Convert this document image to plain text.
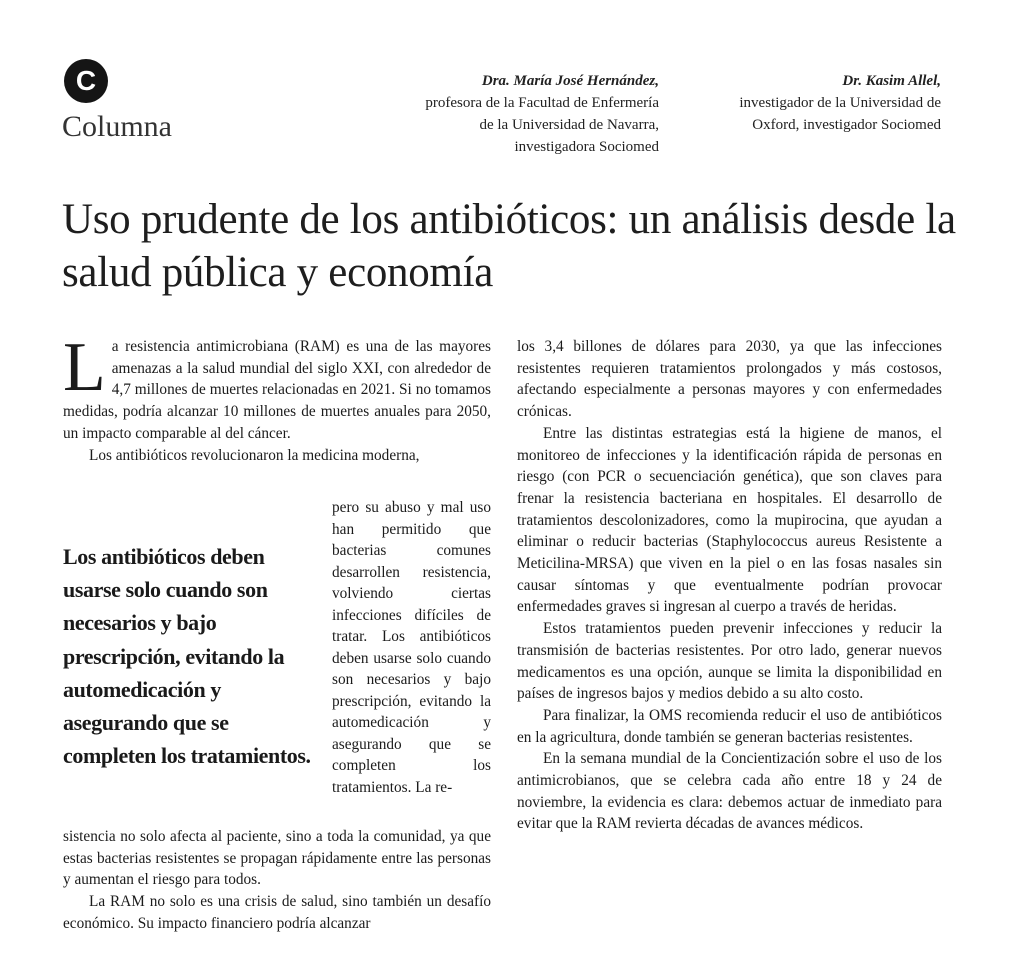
C
Columna
Dra. María José Hernández,
profesora de la Facultad de Enfermería
de la Universidad de Navarra,
investigadora Sociomed
Dr. Kasim Allel,
investigador de la Universidad de
Oxford, investigador Sociomed
Uso prudente de los antibióticos: un análisis desde la salud pública y economía

La resistencia antimicrobiana (RAM) es una de las mayores amenazas a la salud mundial del siglo XXI, con alrededor de 4,7 millones de muertes relacionadas en 2021. Si no tomamos medidas, podría alcanzar 10 millones de muertes anuales para 2050, un impacto comparable al del cáncer.

Los antibióticos revolucionaron la medicina moderna,

pero su abuso y mal uso han permitido que bacterias comunes desarrollen resistencia, volviendo ciertas infecciones difíciles de tratar. Los antibióticos deben usarse solo cuando son necesarios y bajo prescripción, evitando la automedicación y asegurando que se completen los tratamientos. La re-

Los antibióticos deben usarse solo cuando son necesarios y bajo prescripción, evitando la automedicación y asegurando que se completen los tratamientos.

sistencia no solo afecta al paciente, sino a toda la comunidad, ya que estas bacterias resistentes se propagan rápidamente entre las personas y aumentan el riesgo para todos.

La RAM no solo es una crisis de salud, sino también un desafío económico. Su impacto financiero podría alcanzar

los 3,4 billones de dólares para 2030, ya que las infecciones resistentes requieren tratamientos prolongados y más costosos, afectando especialmente a personas mayores y con enfermedades crónicas.

Entre las distintas estrategias está la higiene de manos, el monitoreo de infecciones y la identificación rápida de personas en riesgo (con PCR o secuenciación genética), que son claves para frenar la resistencia bacteriana en hospitales. El desarrollo de tratamientos descolonizadores, como la mupirocina, que ayudan a eliminar o reducir bacterias (Staphylococcus aureus Resistente a Meticilina-MRSA) que viven en la piel o en las fosas nasales sin causar síntomas y que eventualmente podrían provocar enfermedades graves si ingresan al cuerpo a través de heridas.

Estos tratamientos pueden prevenir infecciones y reducir la transmisión de bacterias resistentes. Por otro lado, generar nuevos medicamentos es una opción, aunque se limita la disponibilidad en países de ingresos bajos y medios debido a su alto costo.

Para finalizar, la OMS recomienda reducir el uso de antibióticos en la agricultura, donde también se generan bacterias resistentes.

En la semana mundial de la Concientización sobre el uso de los antimicrobianos, que se celebra cada año entre 18 y 24 de noviembre, la evidencia es clara: debemos actuar de inmediato para evitar que la RAM revierta décadas de avances médicos.
